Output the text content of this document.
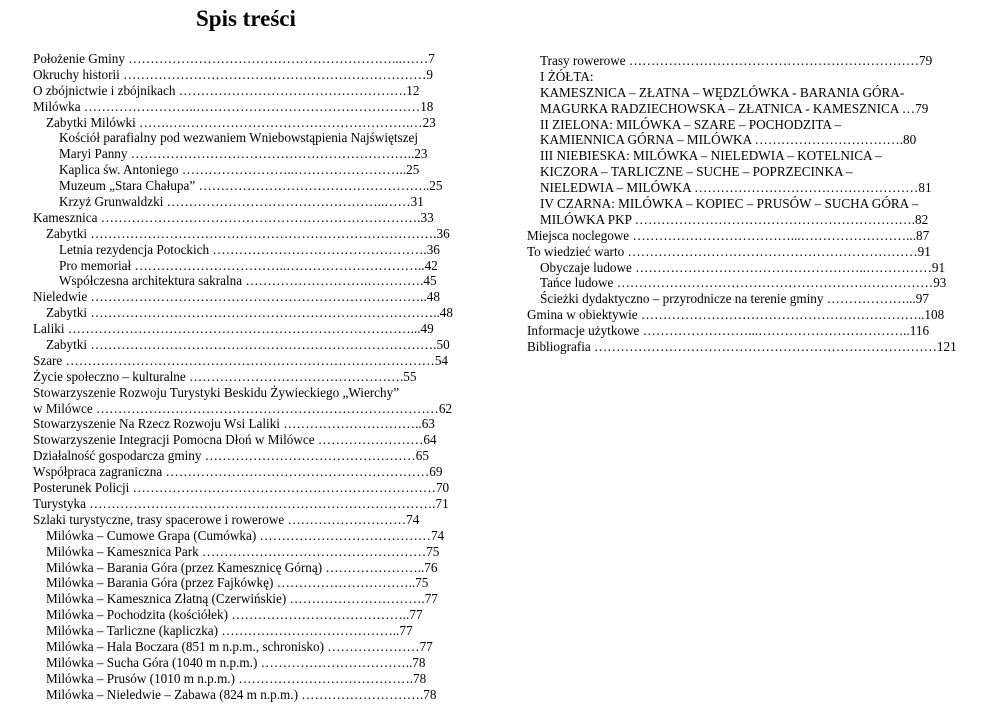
Spis treści
Położenie Gminy ……………………………………………………...……7
Okruchy historii ……………………………………………………………9
O zbójnictwie i zbójnikach …………………………………………….12
Milówka ……………………..……………………………………………18
Zabytki Milówki …….……………………………………………….…23
Kościół parafialny pod wezwaniem Wniebowstąpienia Najświętszej
Maryi Panny ………………………………………………………..23
Kaplica św. Antoniego ……………………..……………………..25
Muzeum „Stara Chałupa” ……………………………………………..25
Krzyż Grunwaldzki …………………………………………..……31
Kamesznica ……………………………………………………………….33
Zabytki …………………………………………………………………….36
Letnia rezydencja Potockich ………………………………………….36
Pro memoriał ……………………………..…………………………..42
Współczesna architektura sakralna ……………………….………….45
Nieledwie …………………………………………………………………..48
Zabytki ……………………………………………………………………..48
Laliki ……………………………………………………………………...49
Zabytki …………………………………………………………………….50
Szare …………………………………………………………………………54
Życie społeczno – kulturalne ………………………………………….55
Stowarzyszenie Rozwoju Turystyki Beskidu Żywieckiego „Wierchy”
w Milówce ……………………………………………………………………62
Stowarzyszenie Na Rzecz Rozwoju Wsi Laliki …………………………..63
Stowarzyszenie Integracji Pomocna Dłoń w Milówce ……………………64
Działalność gospodarcza gminy …………………………………………65
Współpraca zagraniczna ……………………………………………………69
Posterunek Policji ……………………………………………………………70
Turystyka …………………………………………………………………….71
Szlaki turystyczne, trasy spacerowe i rowerowe ………………………74
Milówka – Cumowe Grapa (Cumówka) …………………………………74
Milówka – Kamesznica Park ……………………………………………75
Milówka – Barania Góra (przez Kamesznicę Górną) …………………..76
Milówka – Barania Góra (przez Fajkówkę) …………………………..75
Milówka – Kamesznica Złatną (Czerwińskie) ………………………….77
Milówka – Pochodzita (kościółek) …………………………………..77
Milówka – Tarliczne (kapliczka) …………………………………..77
Milówka – Hala Boczara (851 m n.p.m., schronisko) …………………77
Milówka – Sucha Góra (1040 m n.p.m.) ……………………………..78
Milówka – Prusów (1010 m n.p.m.) ………………………………….78
Milówka – Nieledwie – Zabawa (824 m n.p.m.) ……………………….78
Trasy rowerowe …………………………………………………………79
I ŻÓŁTA:
KAMESZNICA – ZŁATNA – WĘDZLÓWKA - BARANIA GÓRA-
MAGURKA RADZIECHOWSKA – ZŁATNICA - KAMESZNICA …79
II ZIELONA: MILÓWKA – SZARE – POCHODZITA –
KAMIENNICA GÓRNA – MILÓWKA …………………………….80
III NIEBIESKA: MILÓWKA – NIELEDWIA – KOTELNICA –
KICZORA – TARLICZNE – SUCHE – POPRZECINKA –
NIELEDWIA – MILÓWKA ……………………………………………81
IV CZARNA: MILÓWKA – KOPIEC – PRUSÓW – SUCHA GÓRA –
MILÓWKA PKP ……………………………………………………….82
Miejsca noclegowe ………………………………...……………………...87
To wiedzieć warto …………………………………………………………91
Obyczaje ludowe ……………………………………………..……………91
Tańce ludowe ………………………………………………………………93
Ścieżki dydaktyczno – przyrodnicze na terenie gminy ………………...97
Gmina w obiektywie ………………………………………………………..108
Informacje użytkowe ……………………...……………………………..116
Bibliografia ……………………………………………………………………121
